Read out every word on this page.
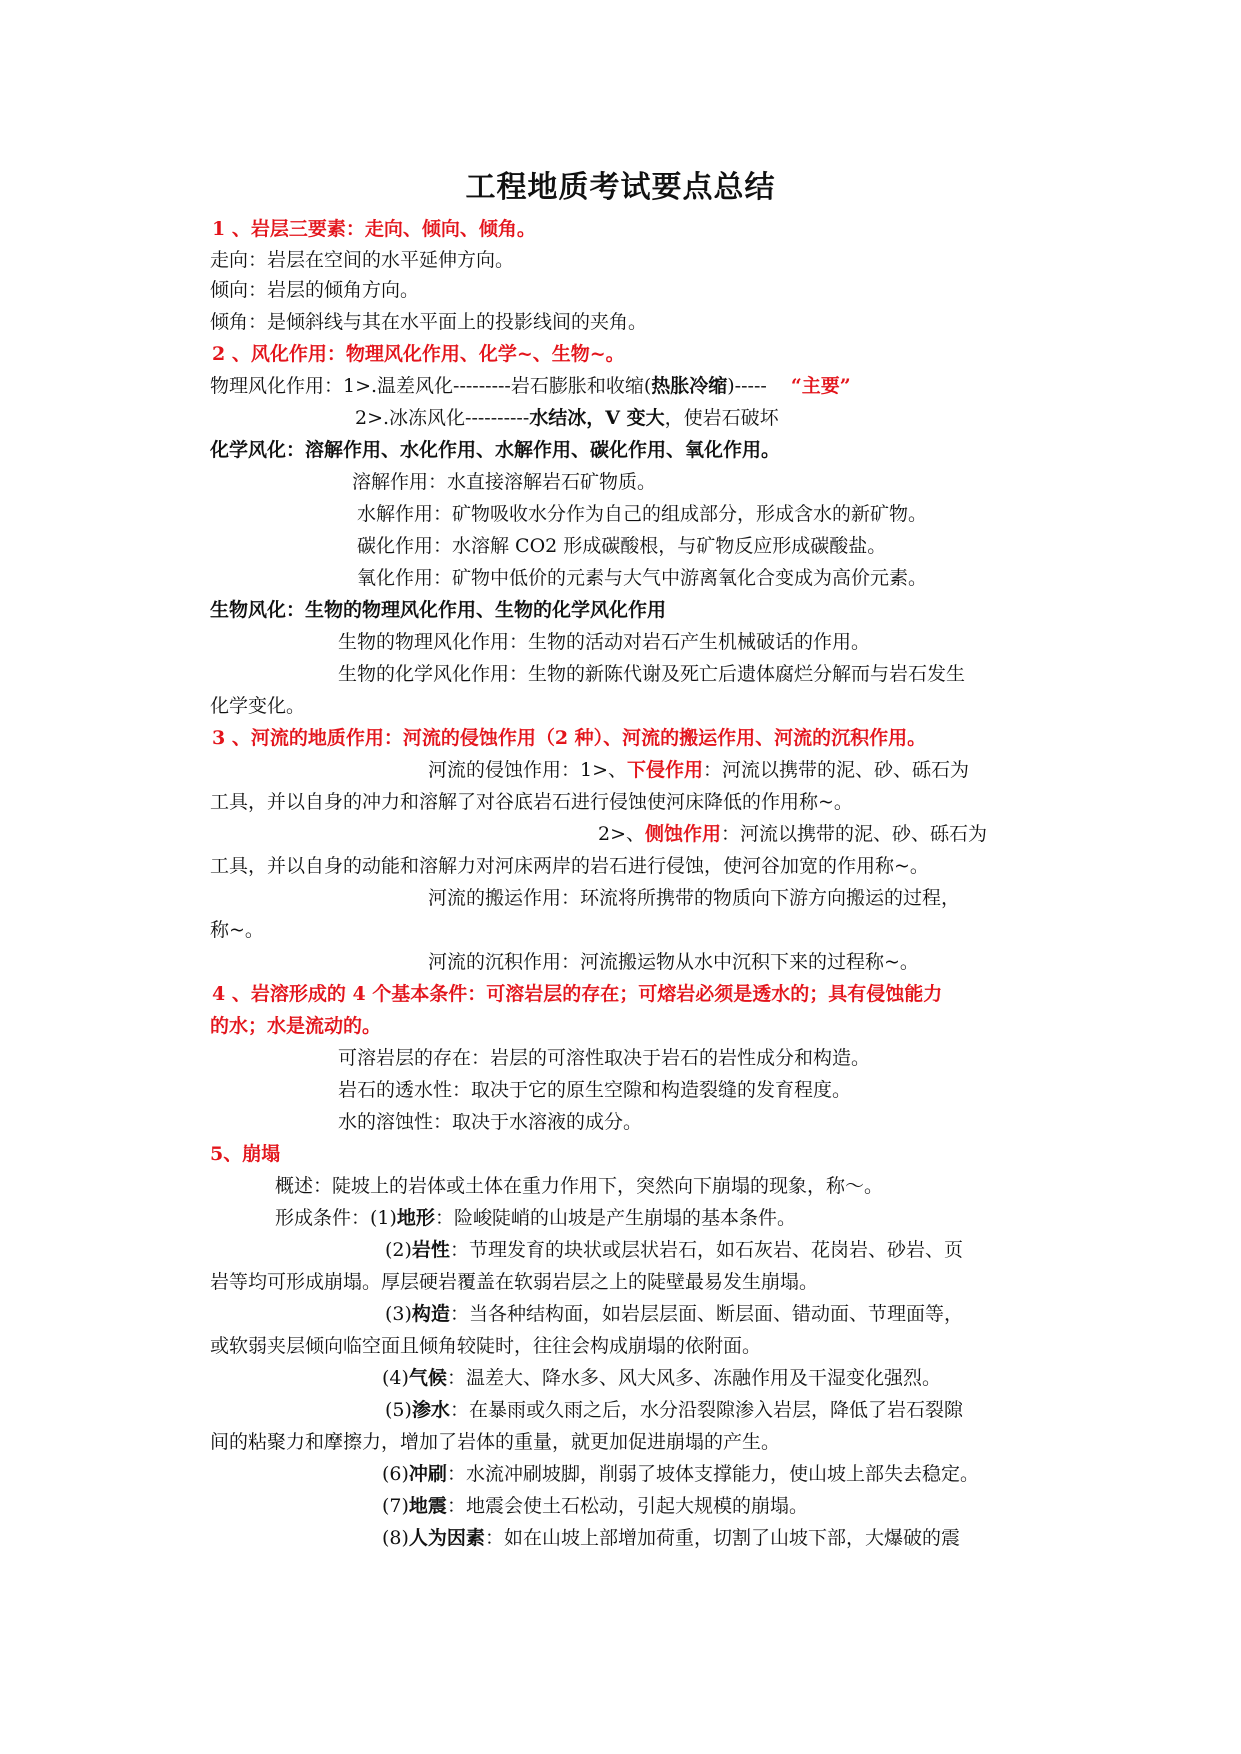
工程地质考试要点总结
1 、岩层三要素：走向、倾向、倾角。
走向：岩层在空间的水平延伸方向。
倾向：岩层的倾角方向。
倾角：是倾斜线与其在水平面上的投影线间的夹角。
2 、风化作用：物理风化作用、化学~、生物~。
物理风化作用：1>.温差风化---------岩石膨胀和收缩(热胀冷缩)----- “主要”
2>.冰冻风化----------水结冰，V 变大，使岩石破坏
化学风化：溶解作用、水化作用、水解作用、碳化作用、氧化作用。
溶解作用：水直接溶解岩石矿物质。
水解作用：矿物吸收水分作为自己的组成部分，形成含水的新矿物。
碳化作用：水溶解 CO2 形成碳酸根，与矿物反应形成碳酸盐。
氧化作用：矿物中低价的元素与大气中游离氧化合变成为高价元素。
生物风化：生物的物理风化作用、生物的化学风化作用
生物的物理风化作用：生物的活动对岩石产生机械破话的作用。
生物的化学风化作用：生物的新陈代谢及死亡后遗体腐烂分解而与岩石发生
化学变化。
3 、河流的地质作用：河流的侵蚀作用（2 种）、河流的搬运作用、河流的沉积作用。
河流的侵蚀作用：1>、下侵作用：河流以携带的泥、砂、砾石为
工具，并以自身的冲力和溶解了对谷底岩石进行侵蚀使河床降低的作用称~。
2>、侧蚀作用：河流以携带的泥、砂、砾石为
工具，并以自身的动能和溶解力对河床两岸的岩石进行侵蚀，使河谷加宽的作用称~。
河流的搬运作用：环流将所携带的物质向下游方向搬运的过程，
称~。
河流的沉积作用：河流搬运物从水中沉积下来的过程称~。
4 、岩溶形成的 4 个基本条件：可溶岩层的存在；可熔岩必须是透水的；具有侵蚀能力
的水；水是流动的。
可溶岩层的存在：岩层的可溶性取决于岩石的岩性成分和构造。
岩石的透水性：取决于它的原生空隙和构造裂缝的发育程度。
水的溶蚀性：取决于水溶液的成分。
5、崩塌
概述：陡坡上的岩体或土体在重力作用下，突然向下崩塌的现象，称～。
形成条件：(1)地形：险峻陡峭的山坡是产生崩塌的基本条件。
(2)岩性：节理发育的块状或层状岩石，如石灰岩、花岗岩、砂岩、页
岩等均可形成崩塌。厚层硬岩覆盖在软弱岩层之上的陡壁最易发生崩塌。
(3)构造：当各种结构面，如岩层层面、断层面、错动面、节理面等，
或软弱夹层倾向临空面且倾角较陡时，往往会构成崩塌的依附面。
(4)气候：温差大、降水多、风大风多、冻融作用及干湿变化强烈。
(5)渗水：在暴雨或久雨之后，水分沿裂隙渗入岩层，降低了岩石裂隙
间的粘聚力和摩擦力，增加了岩体的重量，就更加促进崩塌的产生。
(6)冲刷：水流冲刷坡脚，削弱了坡体支撑能力，使山坡上部失去稳定。
(7)地震：地震会使土石松动，引起大规模的崩塌。
(8)人为因素：如在山坡上部增加荷重，切割了山坡下部，大爆破的震
